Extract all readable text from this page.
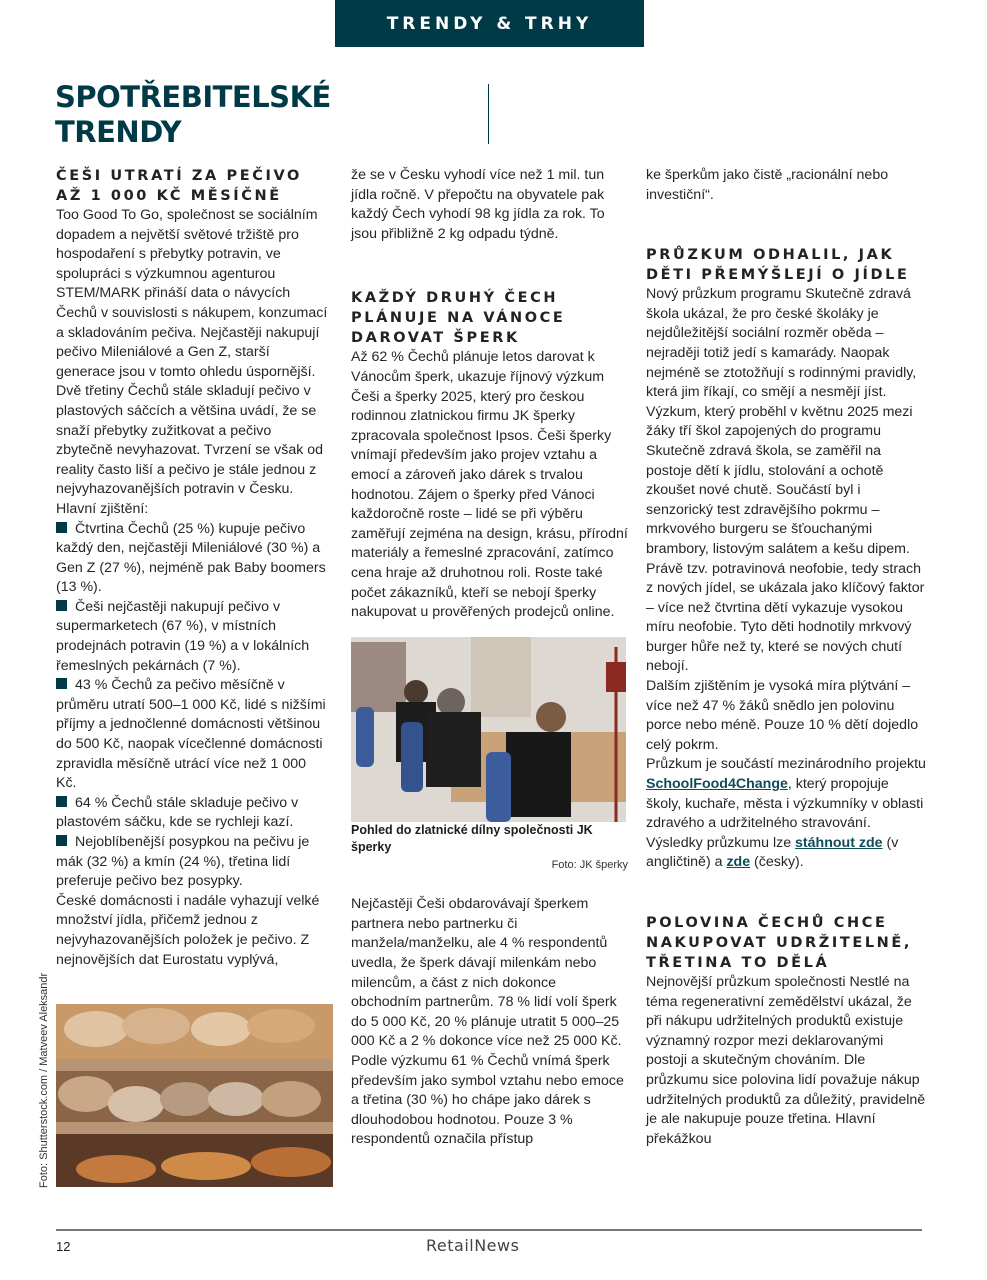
TRENDY & TRHY
SPOTŘEBITELSKÉ
TRENDY
ČEŠI UTRATÍ ZA PEČIVO AŽ 1 000 KČ MĚSÍČNĚ

Too Good To Go, společnost se sociálním dopadem a největší světové tržiště pro hospodaření s přebytky potravin, ve spolupráci s výzkumnou agenturou STEM/MARK přináší data o návycích Čechů v souvislosti s nákupem, konzumací a skladováním pečiva. Nejčastěji nakupují pečivo Mileniálové a Gen Z, starší generace jsou v tomto ohledu úspornější. Dvě třetiny Čechů stále skladují pečivo v plastových sáčcích a většina uvádí, že se snaží přebytky zužitkovat a pečivo zbytečně nevyhazovat. Tvrzení se však od reality často liší a pečivo je stále jednou z nejvyhazovanějších potravin v Česku.

Hlavní zjištění:

Čtvrtina Čechů (25 %) kupuje pečivo každý den, nejčastěji Mileniálové (30 %) a Gen Z (27 %), nejméně pak Baby boomers (13 %).

Češi nejčastěji nakupují pečivo v supermarketech (67 %), v místních prodejnách potravin (19 %) a v lokálních řemeslných pekárnách (7 %).

43 % Čechů za pečivo měsíčně v průměru utratí 500–1 000 Kč, lidé s nižšími příjmy a jednočlenné domácnosti většinou do 500 Kč, naopak vícečlenné domácnosti zpravidla měsíčně utrácí více než 1 000 Kč.

64 % Čechů stále skladuje pečivo v plastovém sáčku, kde se rychleji kazí.

Nejoblíbenější posypkou na pečivu je mák (32 %) a kmín (24 %), třetina lidí preferuje pečivo bez posypky.

České domácnosti i nadále vyhazují velké množství jídla, přičemž jednou z nejvyhazovanějších položek je pečivo. Z nejnovějších dat Eurostatu vyplývá,

Foto: Shutterstock.com / Matveev Aleksandr

že se v Česku vyhodí více než 1 mil. tun jídla ročně. V přepočtu na obyvatele pak každý Čech vyhodí 98 kg jídla za rok. To jsou přibližně 2 kg odpadu týdně.

KAŽDÝ DRUHÝ ČECH PLÁNUJE NA VÁNOCE DAROVAT ŠPERK

Až 62 % Čechů plánuje letos darovat k Vánocům šperk, ukazuje říjnový výzkum Češi a šperky 2025, který pro českou rodinnou zlatnickou firmu JK šperky zpracovala společnost Ipsos. Češi šperky vnímají především jako projev vztahu a emocí a zároveň jako dárek s trvalou hodnotou. Zájem o šperky před Vánoci každoročně roste – lidé se při výběru zaměřují zejména na design, krásu, přírodní materiály a řemeslné zpracování, zatímco cena hraje až druhotnou roli. Roste také počet zákazníků, kteří se nebojí šperky nakupovat u prověřených prodejců online.

Pohled do zlatnické dílny společnosti JK šperky

Foto: JK šperky

Nejčastěji Češi obdarovávají šperkem partnera nebo partnerku či manžela/manželku, ale 4 % respondentů uvedla, že šperk dávají milenkám nebo milencům, a část z nich dokonce obchodním partnerům. 78 % lidí volí šperk do 5 000 Kč, 20 % plánuje utratit 5 000–25 000 Kč a 2 % dokonce více než 25 000 Kč.

Podle výzkumu 61 % Čechů vnímá šperk především jako symbol vztahu nebo emoce a třetina (30 %) ho chápe jako dárek s dlouhodobou hodnotou. Pouze 3 % respondentů označila přístup

ke šperkům jako čistě „racionální nebo investiční“.

PRŮZKUM ODHALIL, JAK DĚTI PŘEMÝŠLEJÍ O JÍDLE

Nový průzkum programu Skutečně zdravá škola ukázal, že pro české školáky je nejdůležitější sociální rozměr oběda – nejraději totiž jedí s kamarády. Naopak nejméně se ztotožňují s rodinnými pravidly, která jim říkají, co smějí a nesmějí jíst.

Výzkum, který proběhl v květnu 2025 mezi žáky tří škol zapojených do programu Skutečně zdravá škola, se zaměřil na postoje dětí k jídlu, stolování a ochotě zkoušet nové chutě. Součástí byl i senzorický test zdravějšího pokrmu – mrkvového burgeru se šťouchanými brambory, listovým salátem a kešu dipem. Právě tzv. potravinová neofobie, tedy strach z nových jídel, se ukázala jako klíčový faktor – více než čtvrtina dětí vykazuje vysokou míru neofobie. Tyto děti hodnotily mrkvový burger hůře než ty, které se nových chutí nebojí.

Dalším zjištěním je vysoká míra plýtvání – více než 47 % žáků snědlo jen polovinu porce nebo méně. Pouze 10 % dětí dojedlo celý pokrm.

Průzkum je součástí mezinárodního projektu SchoolFood4Change, který propojuje školy, kuchaře, města i výzkumníky v oblasti zdravého a udržitelného stravování.

Výsledky průzkumu lze stáhnout zde (v angličtině) a zde (česky).

POLOVINA ČECHŮ CHCE NAKUPOVAT UDRŽITELNĚ, TŘETINA TO DĚLÁ

Nejnovější průzkum společnosti Nestlé na téma regenerativní zemědělství ukázal, že při nákupu udržitelných produktů existuje významný rozpor mezi deklarovanými postoji a skutečným chováním. Dle průzkumu sice polovina lidí považuje nákup udržitelných produktů za důležitý, pravidelně je ale nakupuje pouze třetina. Hlavní překážkou

12	RetailNews
